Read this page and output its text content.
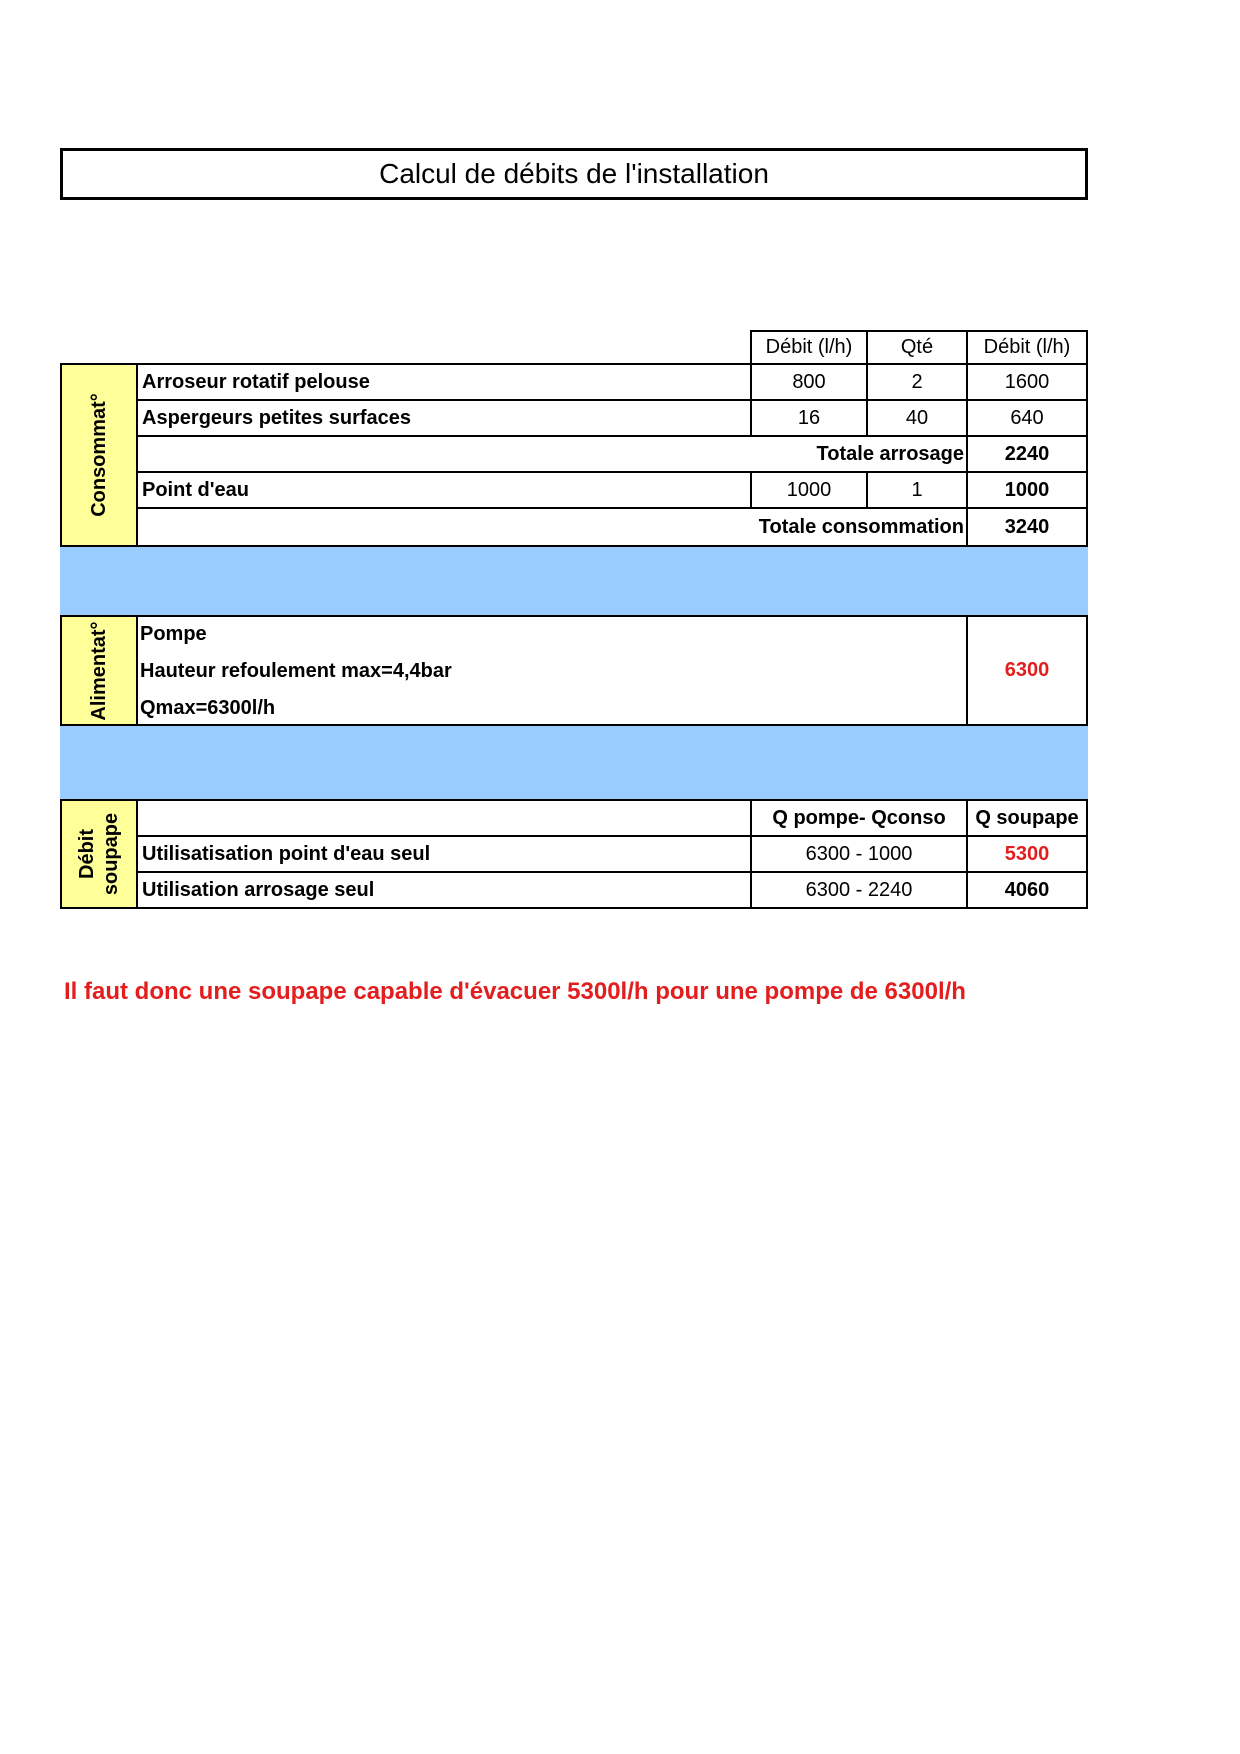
Calcul de débits de l'installation
Débit (l/h)	Qté	Débit (l/h)
Consommat°
Arroseur rotatif pelouse	800	2	1600
Aspergeurs petites surfaces	16	40	640
Totale arrosage	2240
Point d'eau	1000	1	1000
Totale consommation	3240
Alimentat° Pompe
Hauteur refoulement max=4,4bar
Qmax=6300l/h
6300
Débit soupape	Q pompe- Qconso	Q soupape
Utilisatisation point d'eau seul	6300 - 1000	5300
Utilisation arrosage seul	6300 - 2240	4060
Il faut donc une soupape capable d'évacuer 5300l/h pour une pompe de 6300l/h
